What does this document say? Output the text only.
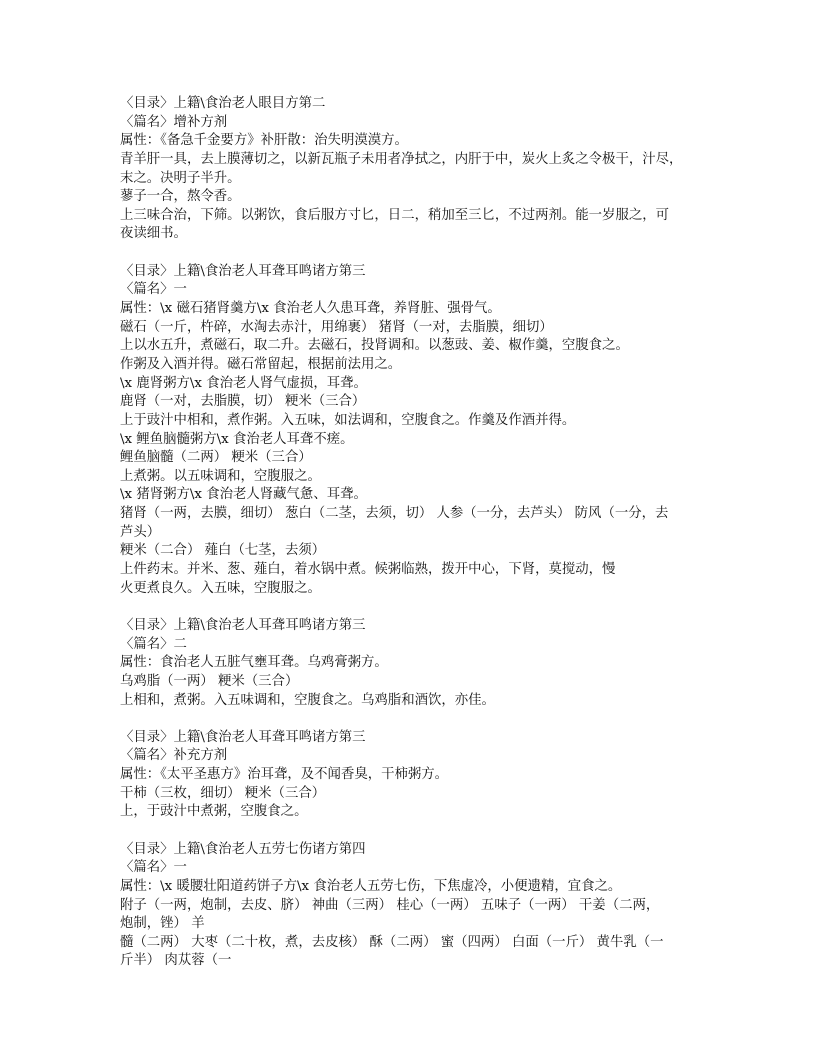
〈目录〉上籍\食治老人眼目方第二
〈篇名〉增补方剂
属性：《备急千金要方》补肝散：治失明漠漠方。
青羊肝一具，去上膜薄切之，以新瓦瓶子未用者净拭之，内肝于中，炭火上炙之令极干，汁尽，
末之。决明子半升。
蓼子一合，熬令香。
上三味合治，下筛。以粥饮，食后服方寸匕，日二，稍加至三匕，不过两剂。能一岁服之，可
夜读细书。
〈目录〉上籍\食治老人耳聋耳鸣诸方第三
〈篇名〉一
属性：\x 磁石猪肾羹方\x 食治老人久患耳聋，养肾脏、强骨气。
磁石（一斤，杵碎，水淘去赤汁，用绵裹） 猪肾（一对，去脂膜，细切）
上以水五升，煮磁石，取二升。去磁石，投肾调和。以葱豉、姜、椒作羹，空腹食之。
作粥及入酒并得。磁石常留起，根据前法用之。
\x 鹿肾粥方\x 食治老人肾气虚损，耳聋。
鹿肾（一对，去脂膜，切） 粳米（三合）
上于豉汁中相和，煮作粥。入五味，如法调和，空腹食之。作羹及作酒并得。
\x 鲤鱼脑髓粥方\x 食治老人耳聋不瘥。
鲤鱼脑髓（二两） 粳米（三合）
上煮粥。以五味调和，空腹服之。
\x 猪肾粥方\x 食治老人肾藏气惫、耳聋。
猪肾（一两，去膜，细切） 葱白（二茎，去须，切） 人参（一分，去芦头） 防风（一分，去
芦头）
粳米（二合） 薤白（七茎，去须）
上件药末。并米、葱、薤白，着水锅中煮。候粥临熟，拨开中心，下肾，莫搅动，慢
火更煮良久。入五味，空腹服之。
〈目录〉上籍\食治老人耳聋耳鸣诸方第三
〈篇名〉二
属性：食治老人五脏气壅耳聋。乌鸡膏粥方。
乌鸡脂（一两） 粳米（三合）
上相和，煮粥。入五味调和，空腹食之。乌鸡脂和酒饮，亦佳。
〈目录〉上籍\食治老人耳聋耳鸣诸方第三
〈篇名〉补充方剂
属性：《太平圣惠方》治耳聋，及不闻香臭，干柿粥方。
干柿（三枚，细切） 粳米（三合）
上，于豉汁中煮粥，空腹食之。
〈目录〉上籍\食治老人五劳七伤诸方第四
〈篇名〉一
属性：\x 暖腰壮阳道药饼子方\x 食治老人五劳七伤，下焦虚冷，小便遗精，宜食之。
附子（一两，炮制，去皮、脐） 神曲（三两） 桂心（一两） 五味子（一两） 干姜（二两，
炮制，锉） 羊
髓（二两） 大枣（二十枚，煮，去皮核） 酥（二两） 蜜（四两） 白面（一斤） 黄牛乳（一
斤半） 肉苁蓉（一
